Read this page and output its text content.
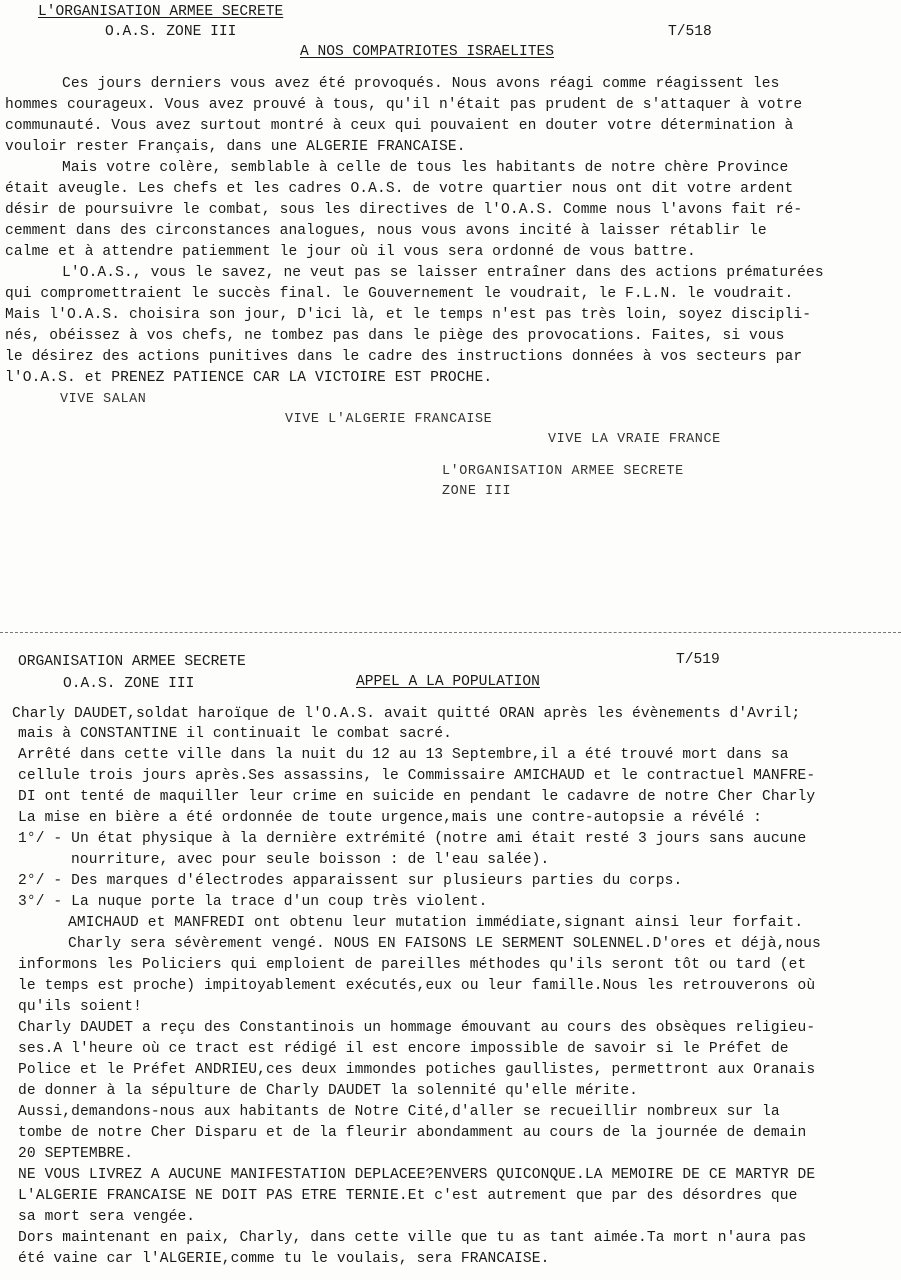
L'ORGANISATION ARMEE SECRETE
O.A.S. ZONE III	T/518
A NOS COMPATRIOTES ISRAELITES
Ces jours derniers vous avez été provoqués. Nous avons réagi comme réagissent les
hommes courageux. Vous avez prouvé à tous, qu'il n'était pas prudent de s'attaquer à votre
communauté. Vous avez surtout montré à ceux qui pouvaient en douter votre détermination à
vouloir rester Français, dans une ALGERIE FRANCAISE.
Mais votre colère, semblable à celle de tous les habitants de notre chère Province
était aveugle. Les chefs et les cadres O.A.S. de votre quartier nous ont dit votre ardent
désir de poursuivre le combat, sous les directives de l'O.A.S. Comme nous l'avons fait ré-
cemment dans des circonstances analogues, nous vous avons incité à laisser rétablir le
calme et à attendre patiemment le jour où il vous sera ordonné de vous battre.
L'O.A.S., vous le savez, ne veut pas se laisser entraîner dans des actions prématurées
qui compromettraient le succès final. le Gouvernement le voudrait, le F.L.N. le voudrait.
Mais l'O.A.S. choisira son jour, D'ici là, et le temps n'est pas très loin, soyez discipli-
nés, obéissez à vos chefs, ne tombez pas dans le piège des provocations. Faites, si vous
le désirez des actions punitives dans le cadre des instructions données à vos secteurs par
l'O.A.S. et PRENEZ PATIENCE CAR LA VICTOIRE EST PROCHE.
VIVE SALAN
VIVE L'ALGERIE FRANCAISE
VIVE LA VRAIE FRANCE
L'ORGANISATION ARMEE SECRETE
ZONE III
ORGANISATION ARMEE SECRETE	T/519
O.A.S. ZONE III	APPEL A LA POPULATION
Charly DAUDET,soldat haroïque de l'O.A.S. avait quitté ORAN après les évènements d'Avril;
mais à CONSTANTINE il continuait le combat sacré.
Arrêté dans cette ville dans la nuit du 12 au 13 Septembre,il a été trouvé mort dans sa
cellule trois jours après.Ses assassins, le Commissaire AMICHAUD et le contractuel MANFRE-
DI ont tenté de maquiller leur crime en suicide en pendant le cadavre de notre Cher Charly
La mise en bière a été ordonnée de toute urgence,mais une contre-autopsie a révélé :
1°/ - Un état physique à la dernière extrémité (notre ami était resté 3 jours sans aucune
nourriture, avec pour seule boisson : de l'eau salée).
2°/ - Des marques d'électrodes apparaissent sur plusieurs parties du corps.
3°/ - La nuque porte la trace d'un coup très violent.
AMICHAUD et MANFREDI ont obtenu leur mutation immédiate,signant ainsi leur forfait.
Charly sera sévèrement vengé. NOUS EN FAISONS LE SERMENT SOLENNEL.D'ores et déjà,nous
informons les Policiers qui emploient de pareilles méthodes qu'ils seront tôt ou tard (et
le temps est proche) impitoyablement exécutés,eux ou leur famille.Nous les retrouverons où
qu'ils soient!
Charly DAUDET a reçu des Constantinois un hommage émouvant au cours des obsèques religieu-
ses.A l'heure où ce tract est rédigé il est encore impossible de savoir si le Préfet de
Police et le Préfet ANDRIEU,ces deux immondes potiches gaullistes, permettront aux Oranais
de donner à la sépulture de Charly DAUDET la solennité qu'elle mérite.
Aussi,demandons-nous aux habitants de Notre Cité,d'aller se recueillir nombreux sur la
tombe de notre Cher Disparu et de la fleurir abondamment au cours de la journée de demain
20 SEPTEMBRE.
NE VOUS LIVREZ A AUCUNE MANIFESTATION DEPLACEE?ENVERS QUICONQUE.LA MEMOIRE DE CE MARTYR DE
L'ALGERIE FRANCAISE NE DOIT PAS ETRE TERNIE.Et c'est autrement que par des désordres que
sa mort sera vengée.
Dors maintenant en paix, Charly, dans cette ville que tu as tant aimée.Ta mort n'aura pas
été vaine car l'ALGERIE,comme tu le voulais, sera FRANCAISE.
